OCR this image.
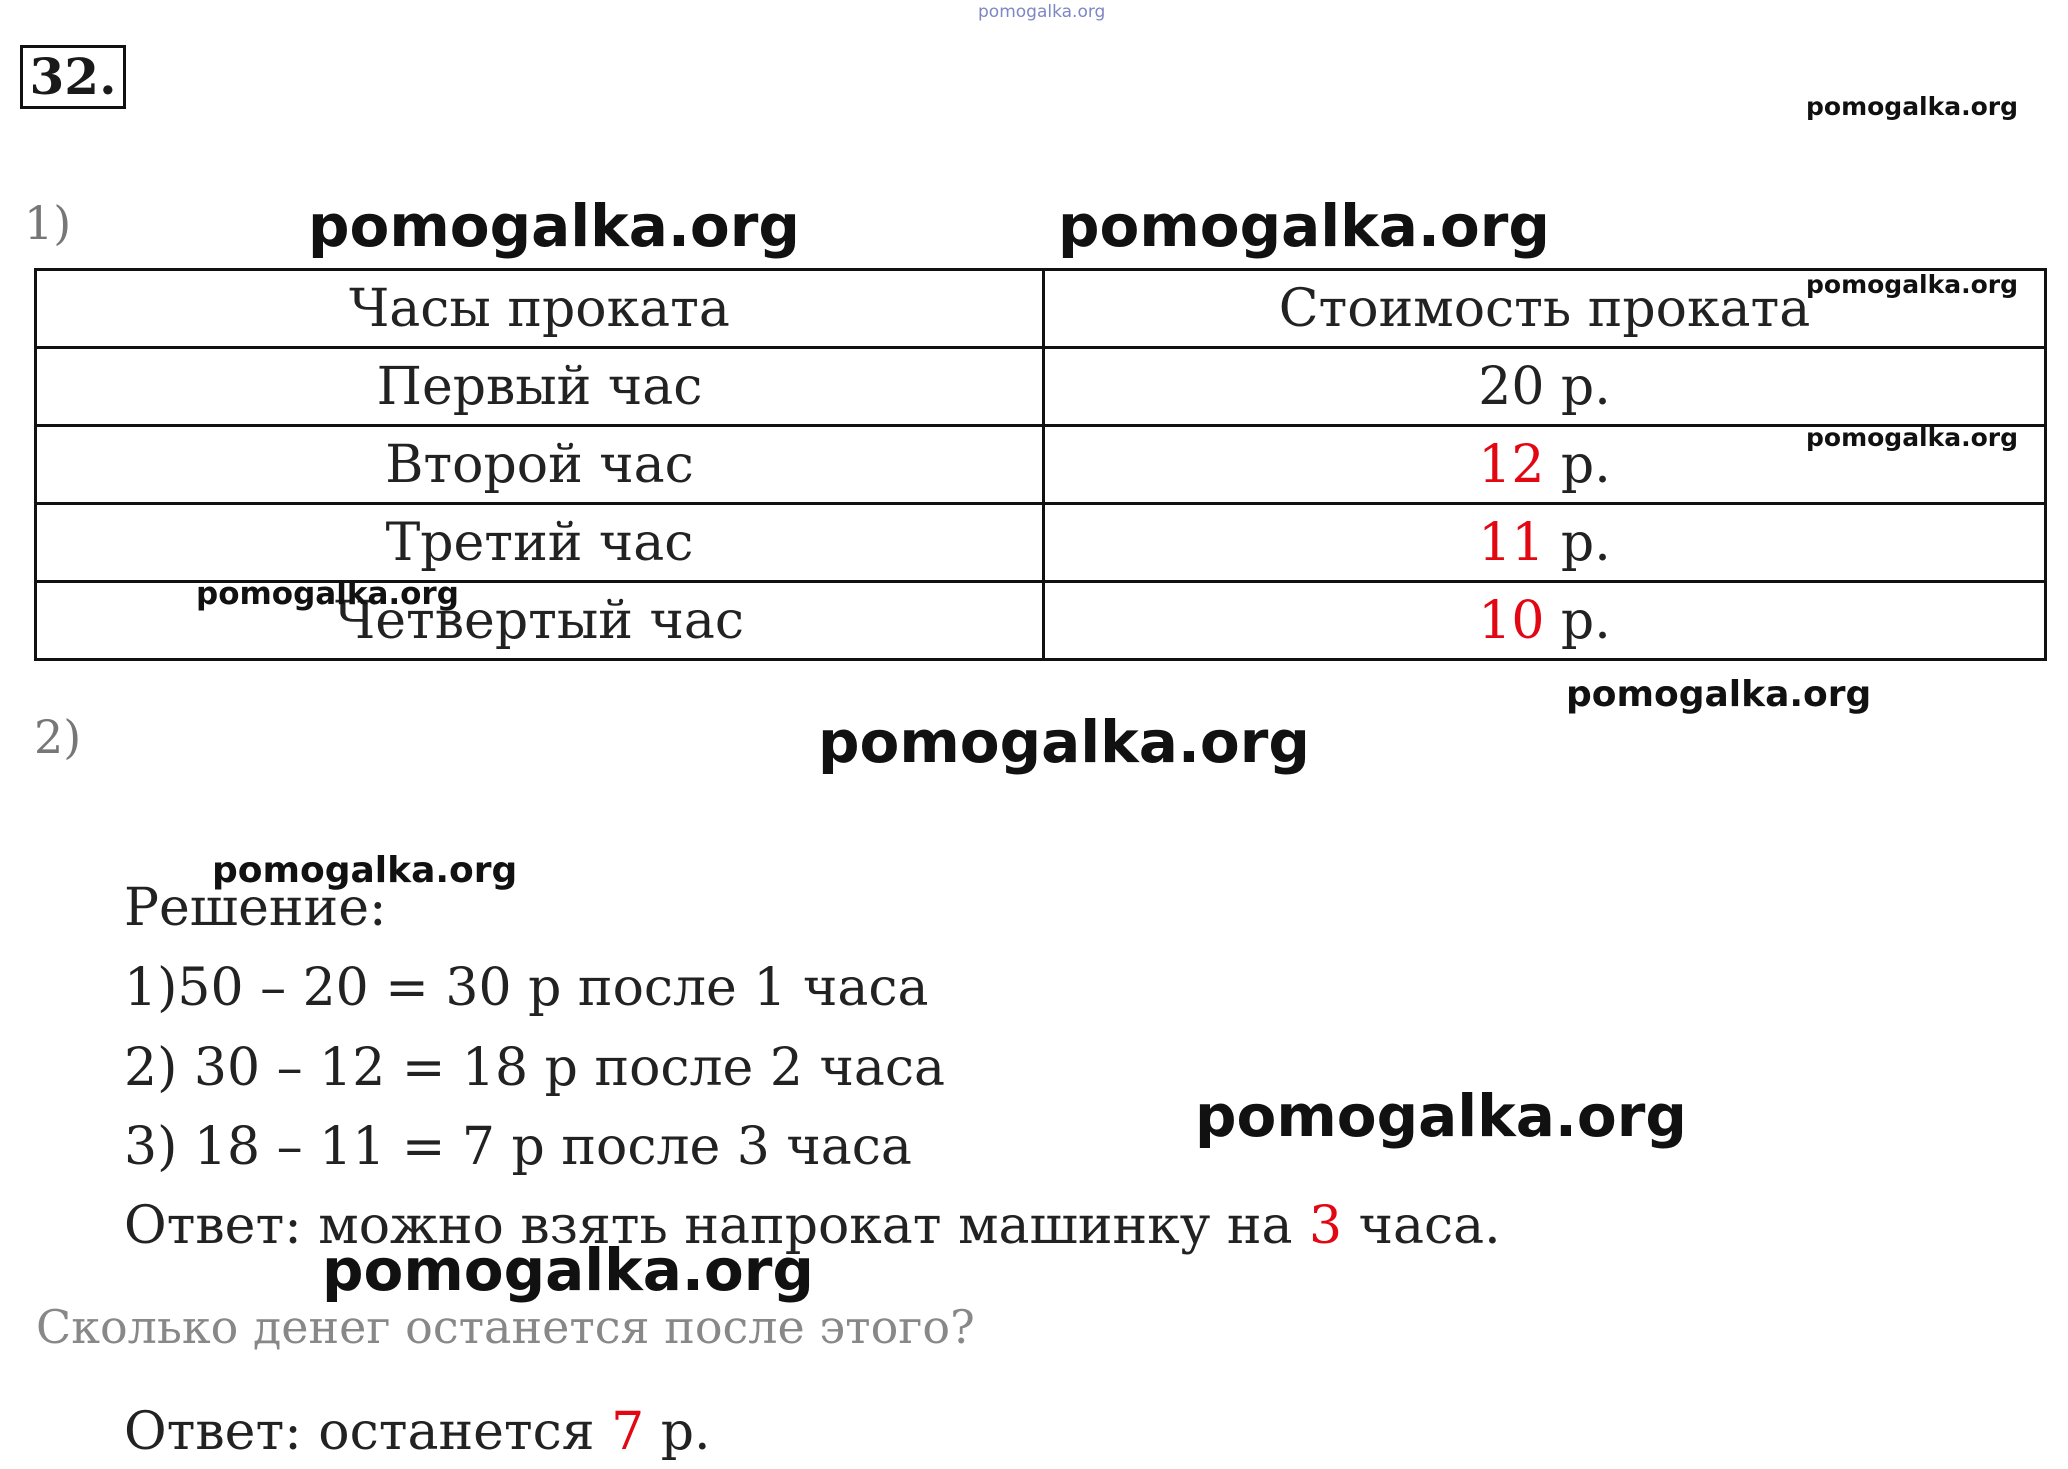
32.
pomogalka.org
pomogalka.org
pomogalka.org	pomogalka.org
1)
Часы проката	Стоимость проката
Первый час	20 р.
Второй час	12 р.
Третий час	11 р.
Четвертый час	10 р.
pomogalka.org
pomogalka.org
pomogalka.org
pomogalka.org
2)	pomogalka.org
pomogalka.org
Решение:
1)50 – 20 = 30 р после 1 часа
2) 30 – 12 = 18 р после 2 часа
3) 18 – 11 = 7 р после 3 часа	pomogalka.org
Ответ: можно взять напрокат машинку на 3 часа.
pomogalka.org
Сколько денег останется после этого?
Ответ: останется 7 р.
